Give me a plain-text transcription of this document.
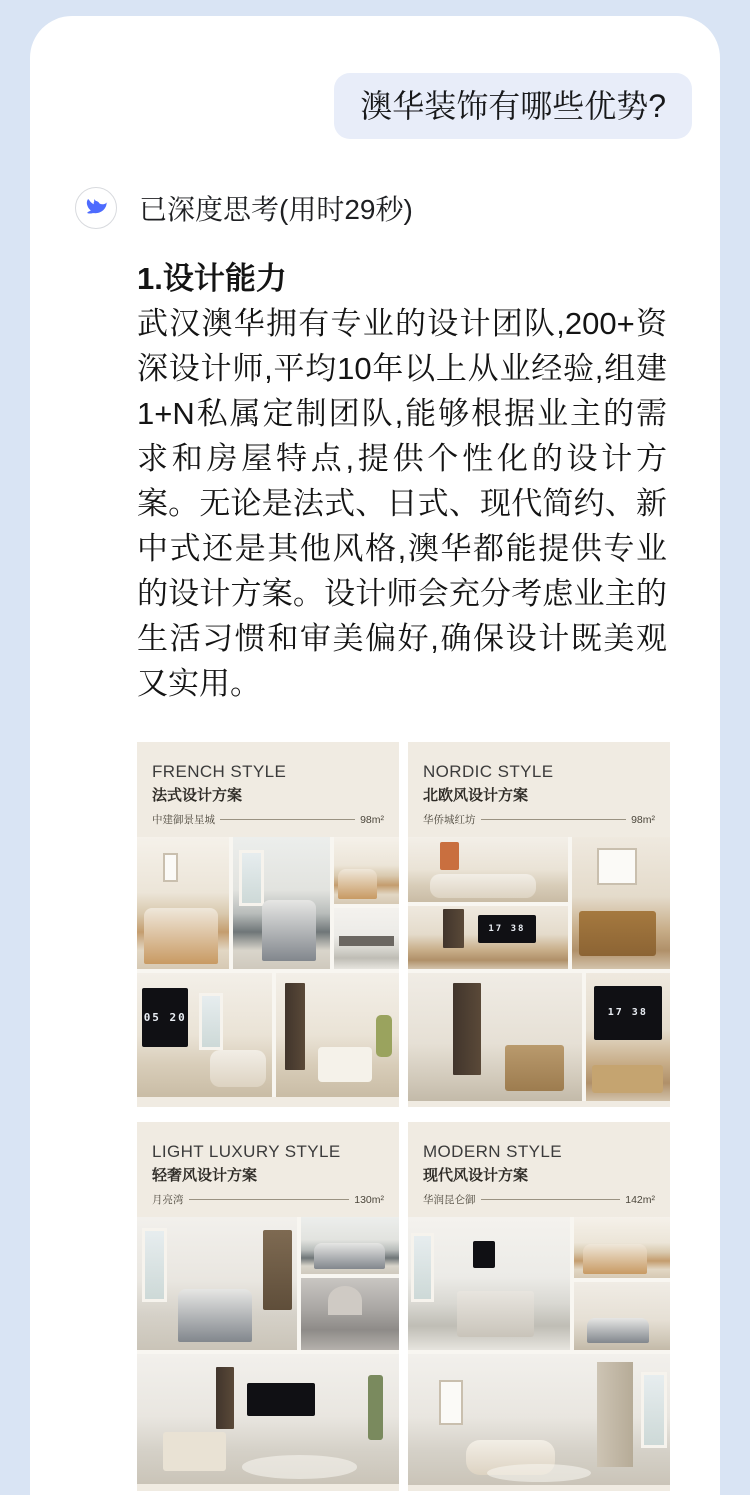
澳华装饰有哪些优势?
已深度思考(用时29秒)

1.设计能力

武汉澳华拥有专业的设计团队,200+资深设计师,平均10年以上从业经验,组建1+N私属定制团队,能够根据业主的需求和房屋特点,提供个性化的设计方案。无论是法式、日式、现代简约、新中式还是其他风格,澳华都能提供专业的设计方案。设计师会充分考虑业主的生活习惯和审美偏好,确保设计既美观又实用。

FRENCH STYLE
法式设计方案
中建御景星城	98m²
05 20
NORDIC STYLE
北欧风设计方案
华侨城红坊	98m²
17 38
17 38
LIGHT LUXURY STYLE
轻奢风设计方案
月亮湾	130m²
MODERN STYLE
现代风设计方案
华润昆仑御	142m²
